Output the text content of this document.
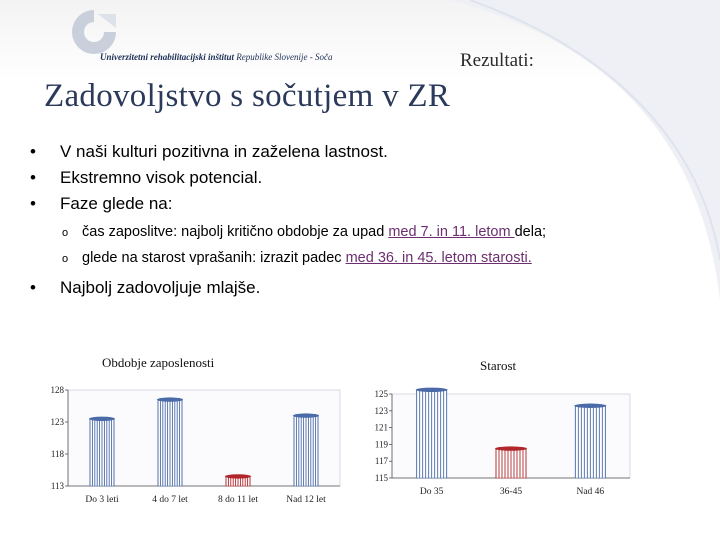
Univerzitetni rehabilitacijski inštitut Republike Slovenije - Soča	Rezultati:
Zadovoljstvo s sočutjem v ZR
• V naši kulturi pozitivna in zaželena lastnost.
• Ekstremno visok potencial.
• Faze glede na:
o čas zaposlitve: najbolj kritično obdobje za upad med 7. in 11. letom dela;
o glede na starost vprašanih: izrazit padec med 36. in 45. letom starosti.
• Najbolj zadovoljuje mlajše.
Obdobje zaposlenosti	Starost
113
118
123
128
Do 3 leti	4 do 7 let	8 do 11 let	Nad 12 let
115
117
119
121
123
125
Do 35	36-45	Nad 46
